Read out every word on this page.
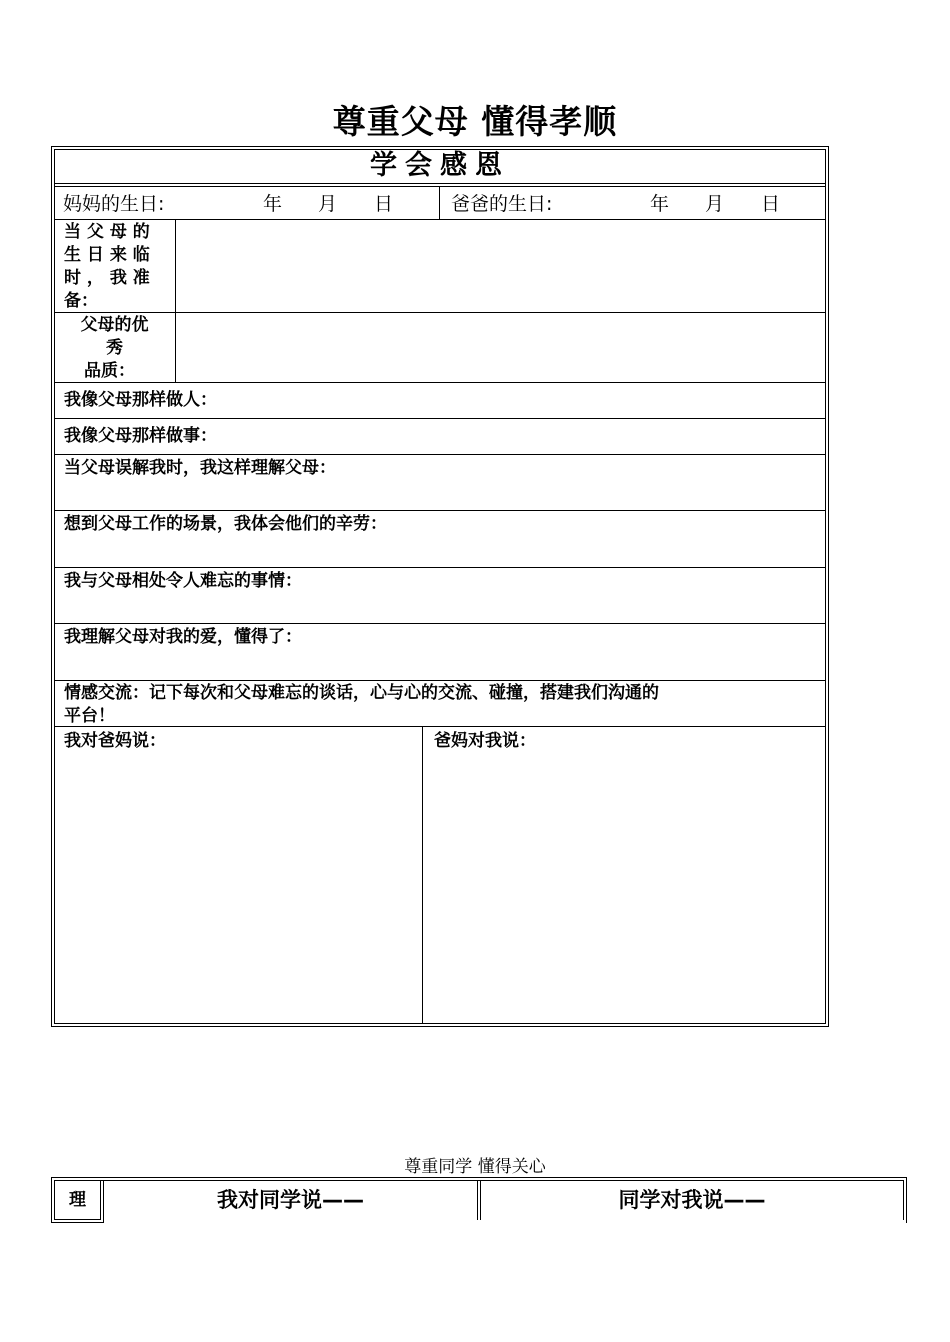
尊重父母 懂得孝顺
学会感恩
妈妈的生日:	年 月 日	爸爸的生日:	年 月 日
当 父 母 的
生 日 来 临
时 ， 我 准
备：
父母的优
秀
品质：
我像父母那样做人：
我像父母那样做事：
当父母误解我时，我这样理解父母：
想到父母工作的场景，我体会他们的辛劳：
我与父母相处令人难忘的事情：
我理解父母对我的爱，懂得了：
情感交流：记下每次和父母难忘的谈话，心与心的交流、碰撞，搭建我们沟通的
平台！
我对爸妈说：	爸妈对我说：
尊重同学 懂得关心
理	我对同学说——	同学对我说——
